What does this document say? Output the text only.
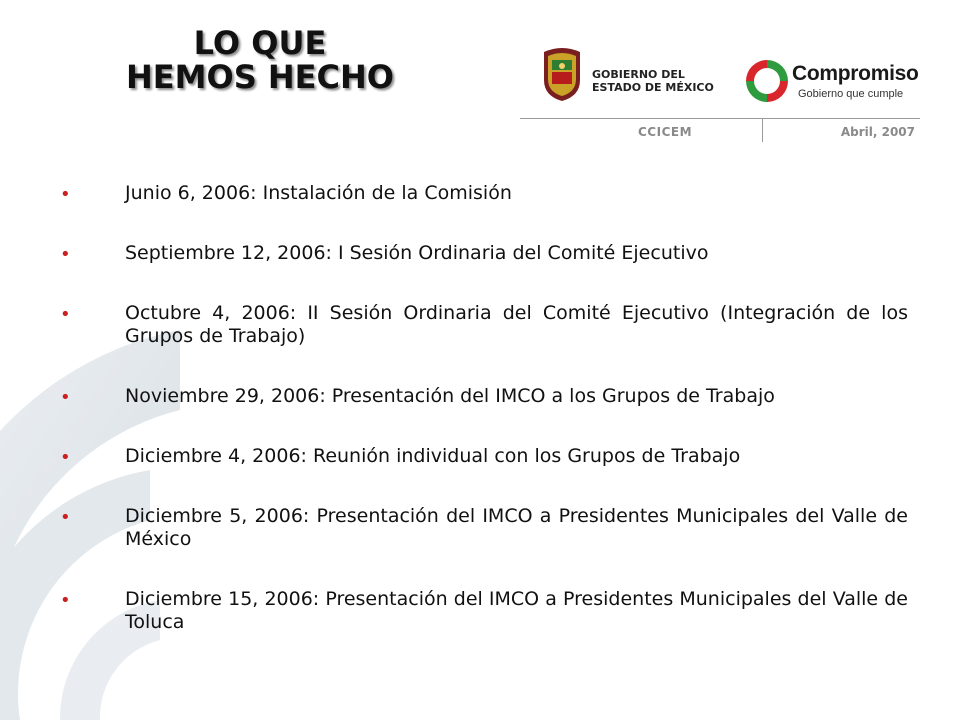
LO QUE
HEMOS HECHO	GOBIERNO DEL
ESTADO DE MÉXICO
Compromiso
Gobierno que cumple
CCICEM	Abril, 2007
•	Junio 6, 2006: Instalación de la Comisión
•	Septiembre 12, 2006: I Sesión Ordinaria del Comité Ejecutivo
•	Octubre 4, 2006: II Sesión Ordinaria del Comité Ejecutivo (Integración de los Grupos de Trabajo)
•	Noviembre 29, 2006: Presentación del IMCO a los Grupos de Trabajo
•	Diciembre 4, 2006: Reunión individual con los Grupos de Trabajo
•	Diciembre 5, 2006: Presentación del IMCO a Presidentes Municipales del Valle de México
•	Diciembre 15, 2006: Presentación del IMCO a Presidentes Municipales del Valle de Toluca
